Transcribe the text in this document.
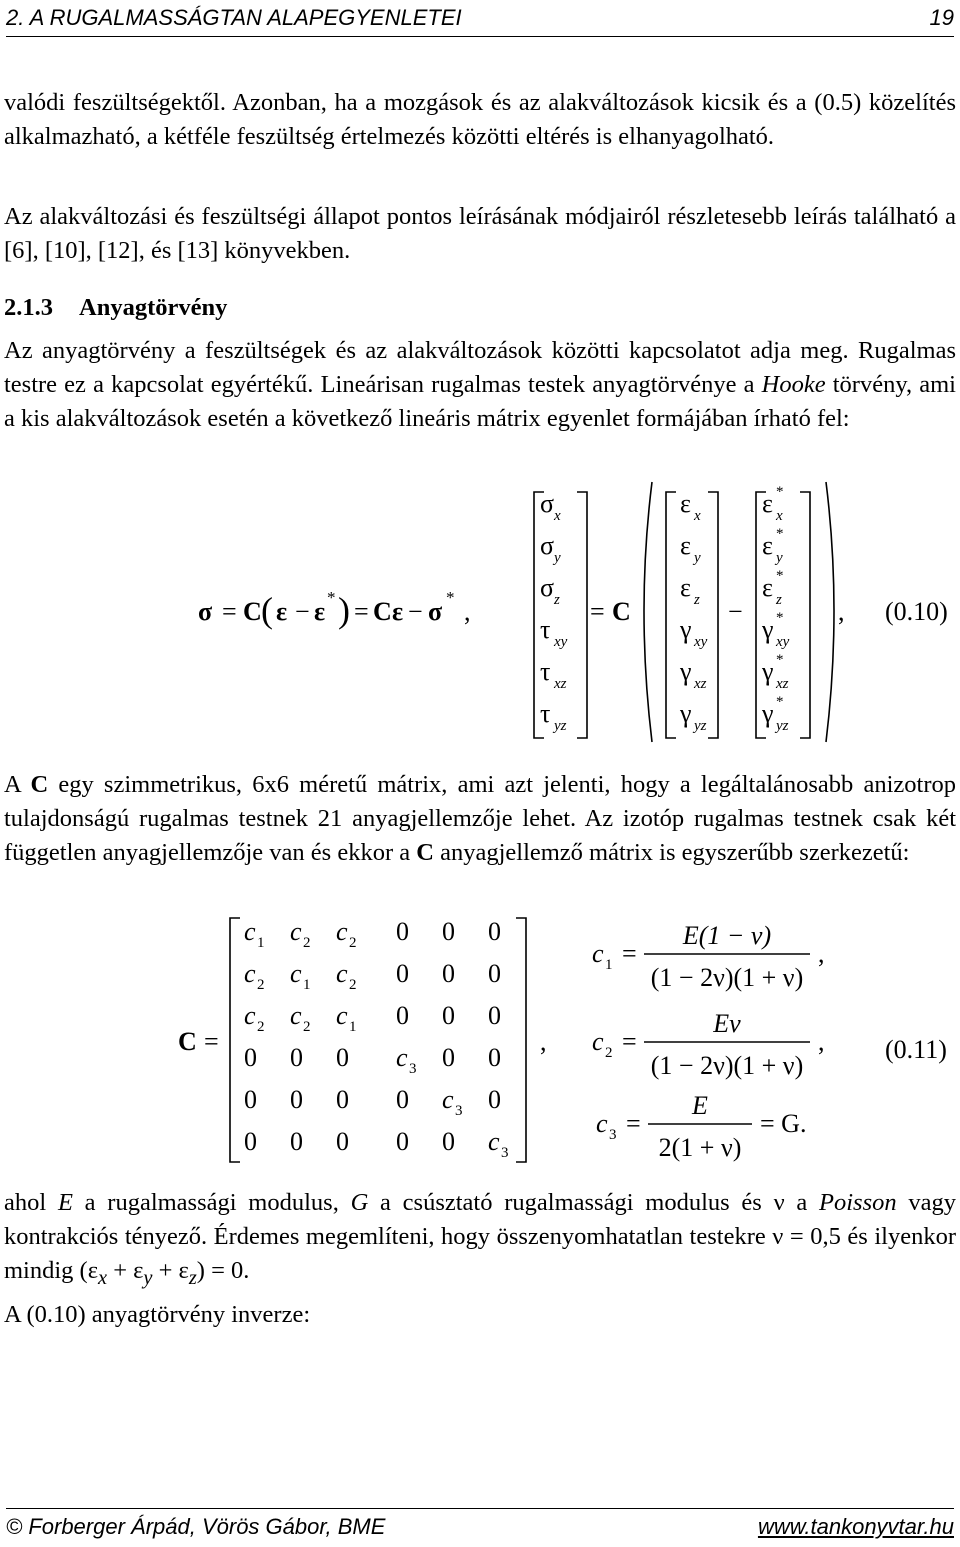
2. A RUGALMASSÁGTAN ALAPEGYENLETEI	19

valódi feszültségektől. Azonban, ha a mozgások és az alakváltozások kicsik és a (0.5) közelítés alkalmazható, a kétféle feszültség értelmezés közötti eltérés is elhanyagolható.

Az alakváltozási és feszültségi állapot pontos leírásának módjairól részletesebb leírás található a [6], [10], [12], és [13] könyvekben.

2.1.3 Anyagtörvény

Az anyagtörvény a feszültségek és az alakváltozások közötti kapcsolatot adja meg. Rugalmas testre ez a kapcsolat egyértékű. Lineárisan rugalmas testek anyagtörvénye a Hooke törvény, ami a kis alakváltozások esetén a következő lineáris mátrix egyenlet formájában írható fel:

σ = C ( ε − ε * ) = C ε − σ * ,
σ x
σ y
σ z
τ xy
τ xz
τ yz
= C
ε x
ε y
ε z
γ xy
γ xz
γ yz
−
ε x
*
ε y
*
ε z
*
γ xy
*
γ xz
*
γ yz
*
, (0.10)

A C egy szimmetrikus, 6x6 méretű mátrix, ami azt jelenti, hogy a legáltalánosabb anizotrop tulajdonságú rugalmas testnek 21 anyagjellemzője lehet. Az izotóp rugalmas testnek csak két független anyagjellemzője van és ekkor a C anyagjellemző mátrix is egyszerűbb szerkezetű:

C =
c 1 c 2 c 2 0 0 0
c 2 c 1 c 2 0 0 0
c 2 c 2 c 1 0 0 0
0 0 0 c 3 0 0
0 0 0 0 c 3 0
0 0 0 0 0 c 3
,
c 1 =
E(1 − ν)
(1 − 2ν)(1 + ν)
,
c 2 =
Eν
(1 − 2ν)(1 + ν)
,
c 3 =
E
2(1 + ν)
= G.
(0.11)

ahol E a rugalmassági modulus, G a csúsztató rugalmassági modulus és ν a Poisson vagy kontrakciós tényező. Érdemes megemlíteni, hogy összenyomhatatlan testekre ν = 0,5 és ilyenkor mindig $(\varepsilon_x + \varepsilon_y + \varepsilon_z) = 0$.

A (0.10) anyagtörvény inverze:

© Forberger Árpád, Vörös Gábor, BME	www.tankonyvtar.hu
